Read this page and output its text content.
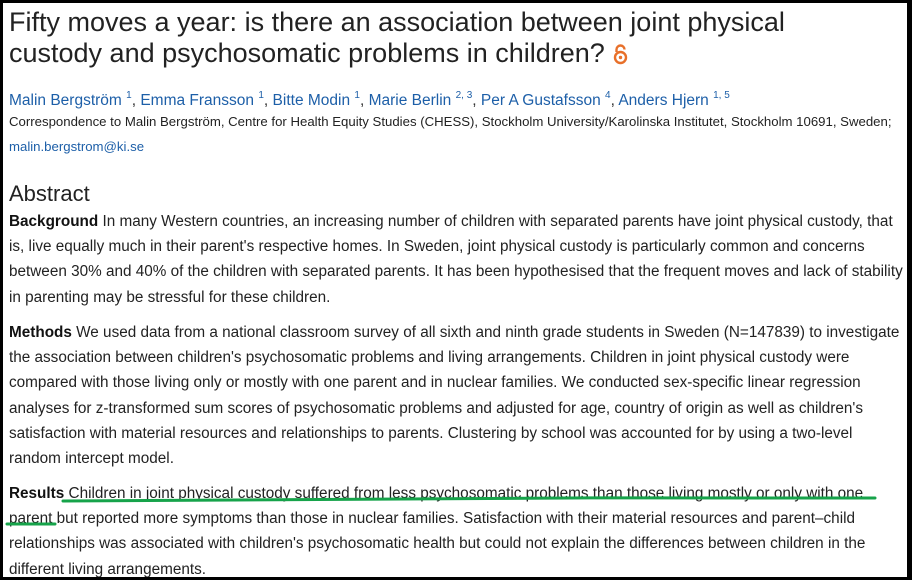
Fifty moves a year: is there an association between joint physical
custody and psychosomatic problems in children?
Malin Bergström $^1$, Emma Fransson $^1$, Bitte Modin $^1$, Marie Berlin $^{2, 3}$, Per A Gustafsson $^4$, Anders Hjern $^{1, 5}$
Correspondence to Malin Bergström, Centre for Health Equity Studies (CHESS), Stockholm University/Karolinska Institutet, Stockholm 10691, Sweden; malin.bergstrom@ki.se
Abstract

Background In many Western countries, an increasing number of children with separated parents have joint physical custody, that is, live equally much in their parent's respective homes. In Sweden, joint physical custody is particularly common and concerns between 30% and 40% of the children with separated parents. It has been hypothesised that the frequent moves and lack of stability in parenting may be stressful for these children.

Methods We used data from a national classroom survey of all sixth and ninth grade students in Sweden (N=147839) to investigate the association between children's psychosomatic problems and living arrangements. Children in joint physical custody were compared with those living only or mostly with one parent and in nuclear families. We conducted sex-specific linear regression analyses for z-transformed sum scores of psychosomatic problems and adjusted for age, country of origin as well as children's satisfaction with material resources and relationships to parents. Clustering by school was accounted for by using a two-level random intercept model.

Results Children in joint physical custody suffered from less psychosomatic problems than those living mostly or only with one parent but reported more symptoms than those in nuclear families. Satisfaction with their material resources and parent–child relationships was associated with children's psychosomatic health but could not explain the differences between children in the different living arrangements.
